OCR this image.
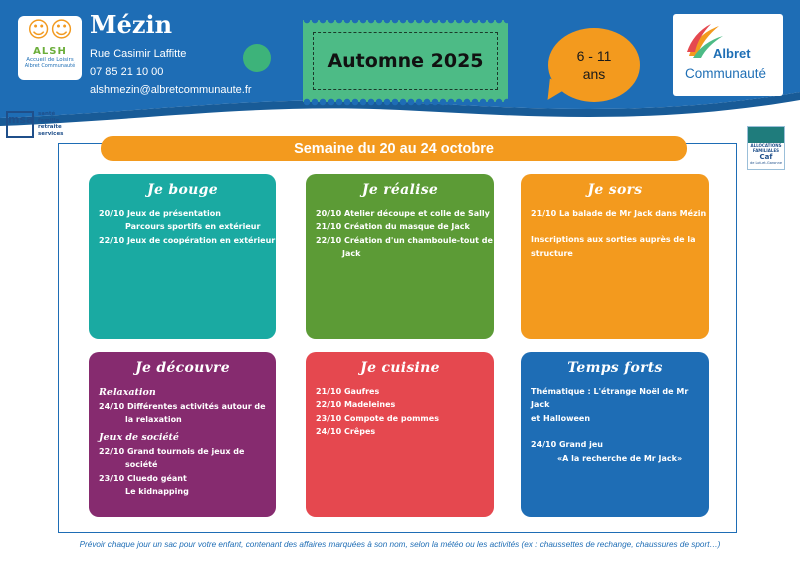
☺☺
ALSH
Accueil de Loisirs
Albret Communauté
Mézin
Rue Casimir Laffitte
07 85 21 10 00
alshmezin@albretcommunaute.fr
Automne 2025	6 - 11
ans
Albret
Communauté
msa santé
famille
retraite
services
ALLOCATIONS FAMILIALES
Caf
de Lot-et-Garonne
Semaine du 20 au 24 octobre
Je bouge
20/10 Jeux de présentation
Parcours sportifs en extérieur
22/10 Jeux de coopération en extérieur
Je réalise
20/10 Atelier découpe et colle de Sally
21/10 Création du masque de Jack
22/10 Création d'un chamboule-tout de
Jack
Je sors
21/10 La balade de Mr Jack dans Mézin
Inscriptions aux sorties auprès de la
structure
Je découvre
Relaxation
24/10 Différentes activités autour de
la relaxation
Jeux de société
22/10 Grand tournois de jeux de
société
23/10 Cluedo géant
Le kidnapping
Je cuisine
21/10 Gaufres
22/10 Madeleines
23/10 Compote de pommes
24/10 Crêpes
Temps forts
Thématique : L'étrange Noël de Mr Jack
et Halloween
24/10 Grand jeu
«A la recherche de Mr Jack»
Prévoir chaque jour un sac pour votre enfant, contenant des affaires marquées à son nom, selon la météo ou les activités (ex : chaussettes de rechange, chaussures de sport…)
